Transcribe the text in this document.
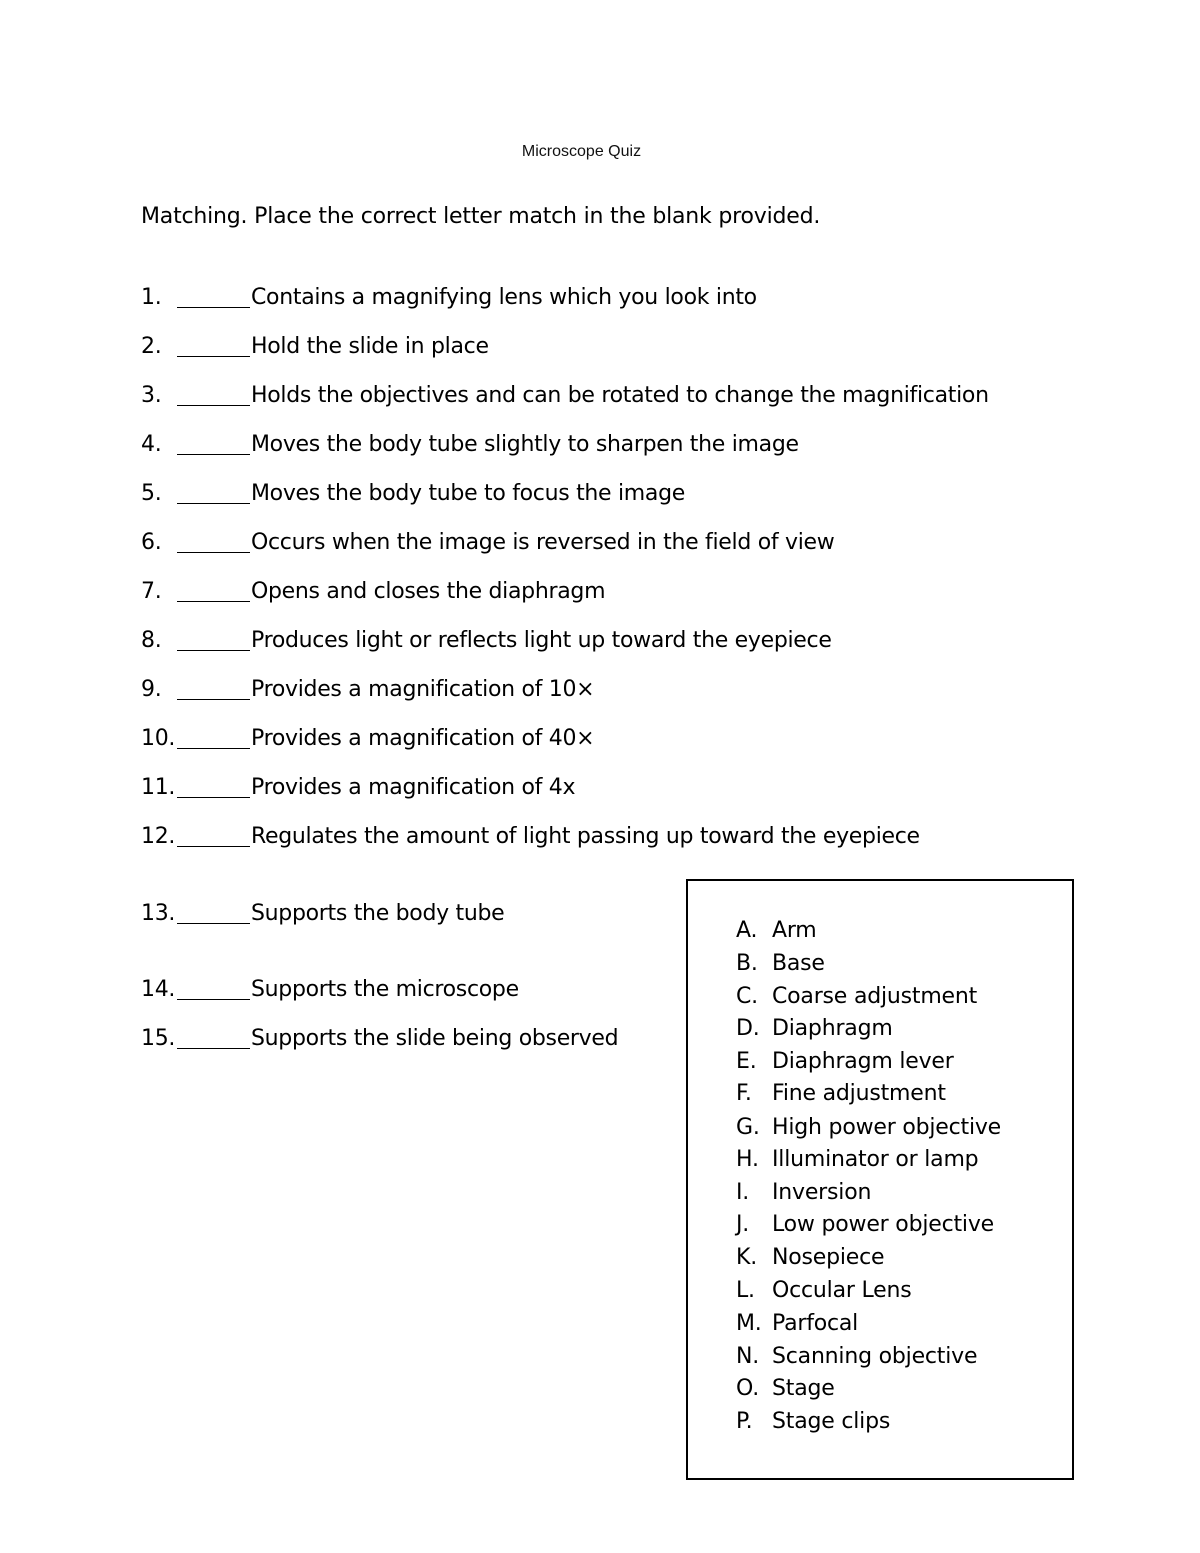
Microscope Quiz
Matching. Place the correct letter match in the blank provided.
1.	Contains a magnifying lens which you look into
2.	Hold the slide in place
3.	Holds the objectives and can be rotated to change the magnification
4.	Moves the body tube slightly to sharpen the image
5.	Moves the body tube to focus the image
6.	Occurs when the image is reversed in the field of view
7.	Opens and closes the diaphragm
8.	Produces light or reflects light up toward the eyepiece
9.	Provides a magnification of 10×
10.	Provides a magnification of 40×
11.	Provides a magnification of 4x
12.	Regulates the amount of light passing up toward the eyepiece
13.	Supports the body tube
14.	Supports the microscope
15.	Supports the slide being observed
A. Arm
B. Base
C. Coarse adjustment
D. Diaphragm
E. Diaphragm lever
F. Fine adjustment
G. High power objective
H. Illuminator or lamp
I.	Inversion
J.	Low power objective
K. Nosepiece
L. Occular Lens
M. Parfocal
N. Scanning objective
O. Stage
P. Stage clips
